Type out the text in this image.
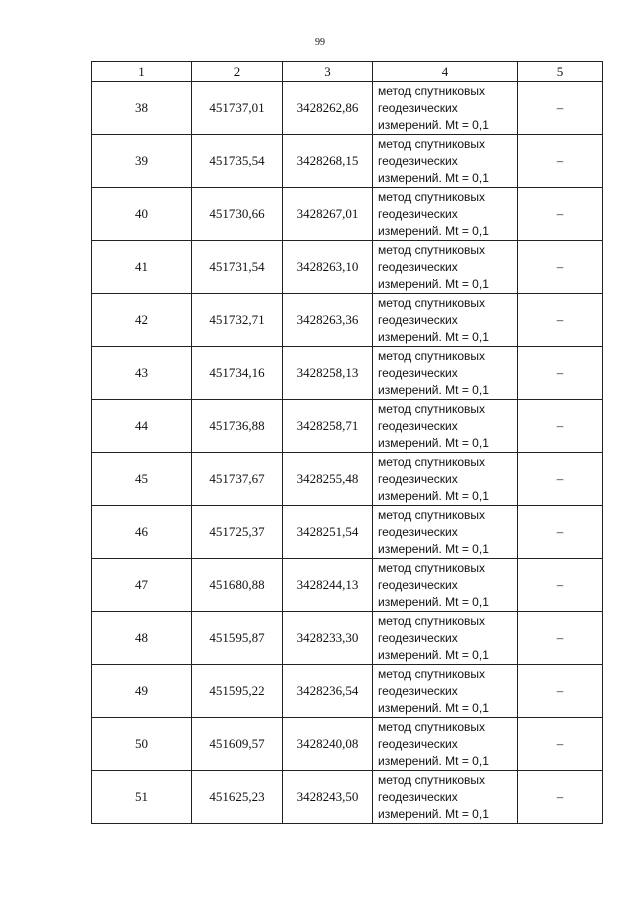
99
1	2	3	4	5
38	451737,01	3428262,86	метод спутниковых
геодезических
измерений. Mt = 0,1	–
39	451735,54	3428268,15	метод спутниковых
геодезических
измерений. Mt = 0,1	–
40	451730,66	3428267,01	метод спутниковых
геодезических
измерений. Mt = 0,1	–
41	451731,54	3428263,10	метод спутниковых
геодезических
измерений. Mt = 0,1	–
42	451732,71	3428263,36	метод спутниковых
геодезических
измерений. Mt = 0,1	–
43	451734,16	3428258,13	метод спутниковых
геодезических
измерений. Mt = 0,1	–
44	451736,88	3428258,71	метод спутниковых
геодезических
измерений. Mt = 0,1	–
45	451737,67	3428255,48	метод спутниковых
геодезических
измерений. Mt = 0,1	–
46	451725,37	3428251,54	метод спутниковых
геодезических
измерений. Mt = 0,1	–
47	451680,88	3428244,13	метод спутниковых
геодезических
измерений. Mt = 0,1	–
48	451595,87	3428233,30	метод спутниковых
геодезических
измерений. Mt = 0,1	–
49	451595,22	3428236,54	метод спутниковых
геодезических
измерений. Mt = 0,1	–
50	451609,57	3428240,08	метод спутниковых
геодезических
измерений. Mt = 0,1	–
51	451625,23	3428243,50	метод спутниковых
геодезических
измерений. Mt = 0,1	–
